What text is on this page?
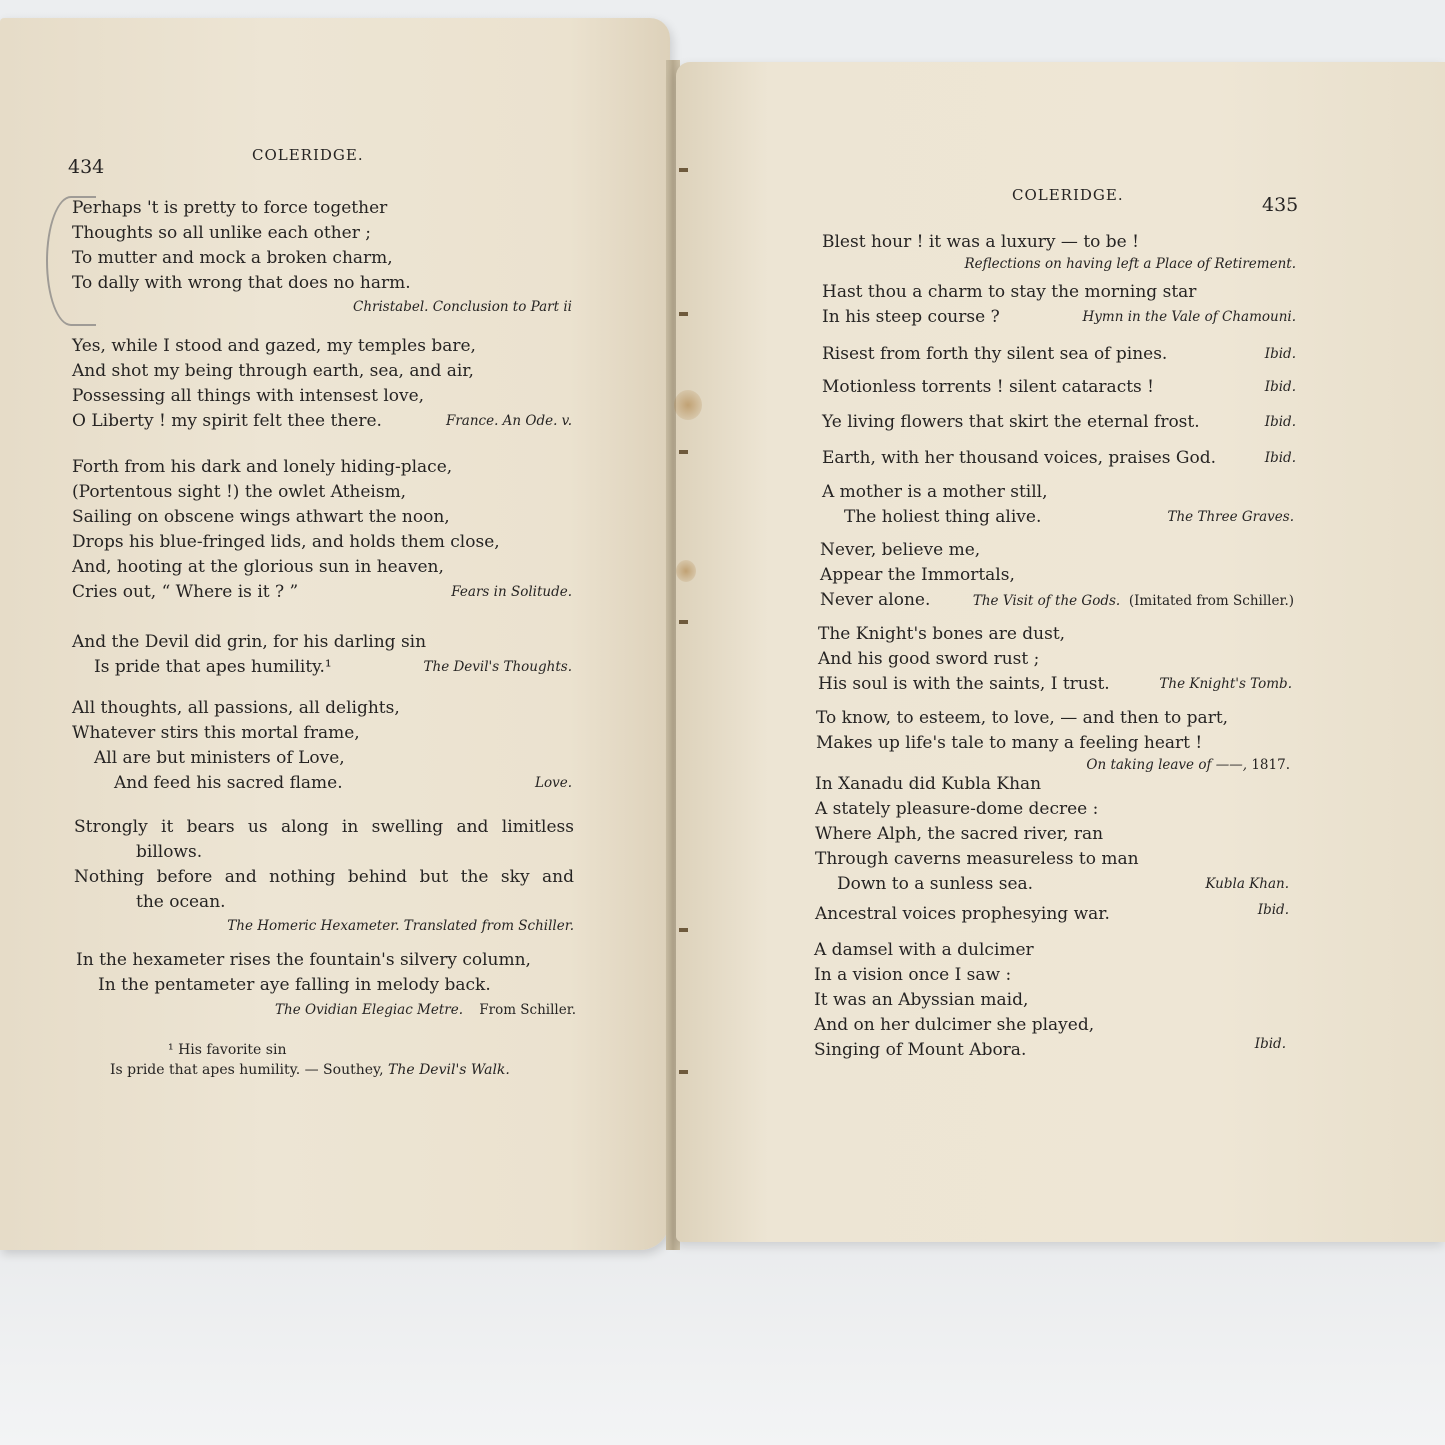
434
COLERIDGE.
Perhaps 't is pretty to force together
Thoughts so all unlike each other ;
To mutter and mock a broken charm,
To dally with wrong that does no harm.
Christabel. Conclusion to Part ii
Yes, while I stood and gazed, my temples bare,
And shot my being through earth, sea, and air,
Possessing all things with intensest love,
O Liberty ! my spirit felt thee there.	France. An Ode. v.
Forth from his dark and lonely hiding-place,
(Portentous sight !) the owlet Atheism,
Sailing on obscene wings athwart the noon,
Drops his blue-fringed lids, and holds them close,
And, hooting at the glorious sun in heaven,
Cries out, “ Where is it ? ”	Fears in Solitude.
And the Devil did grin, for his darling sin
Is pride that apes humility.¹	The Devil's Thoughts.
All thoughts, all passions, all delights,
Whatever stirs this mortal frame,
All are but ministers of Love,
And feed his sacred flame.	Love.
Strongly it bears us along in swelling and limitless
billows.
Nothing before and nothing behind but the sky and
the ocean.
The Homeric Hexameter. Translated from Schiller.
In the hexameter rises the fountain's silvery column,
In the pentameter aye falling in melody back.
The Ovidian Elegiac Metre. From Schiller.
¹ His favorite sin
Is pride that apes humility. — Southey, The Devil's Walk.
COLERIDGE.	435
Blest hour ! it was a luxury — to be !
Reflections on having left a Place of Retirement.
Hast thou a charm to stay the morning star
In his steep course ?	Hymn in the Vale of Chamouni.
Risest from forth thy silent sea of pines.	Ibid.
Motionless torrents ! silent cataracts !	Ibid.
Ye living flowers that skirt the eternal frost.	Ibid.
Earth, with her thousand voices, praises God.	Ibid.
A mother is a mother still,
The holiest thing alive.	The Three Graves.
Never, believe me,
Appear the Immortals,
Never alone.	The Visit of the Gods. (Imitated from Schiller.)
The Knight's bones are dust,
And his good sword rust ;
His soul is with the saints, I trust.	The Knight's Tomb.
To know, to esteem, to love, — and then to part,
Makes up life's tale to many a feeling heart !
On taking leave of ——, 1817.
In Xanadu did Kubla Khan
A stately pleasure-dome decree :
Where Alph, the sacred river, ran
Through caverns measureless to man
Down to a sunless sea.	Kubla Khan.
Ancestral voices prophesying war.	Ibid.
A damsel with a dulcimer
In a vision once I saw :
It was an Abyssian maid,
And on her dulcimer she played,
Singing of Mount Abora.	Ibid.
